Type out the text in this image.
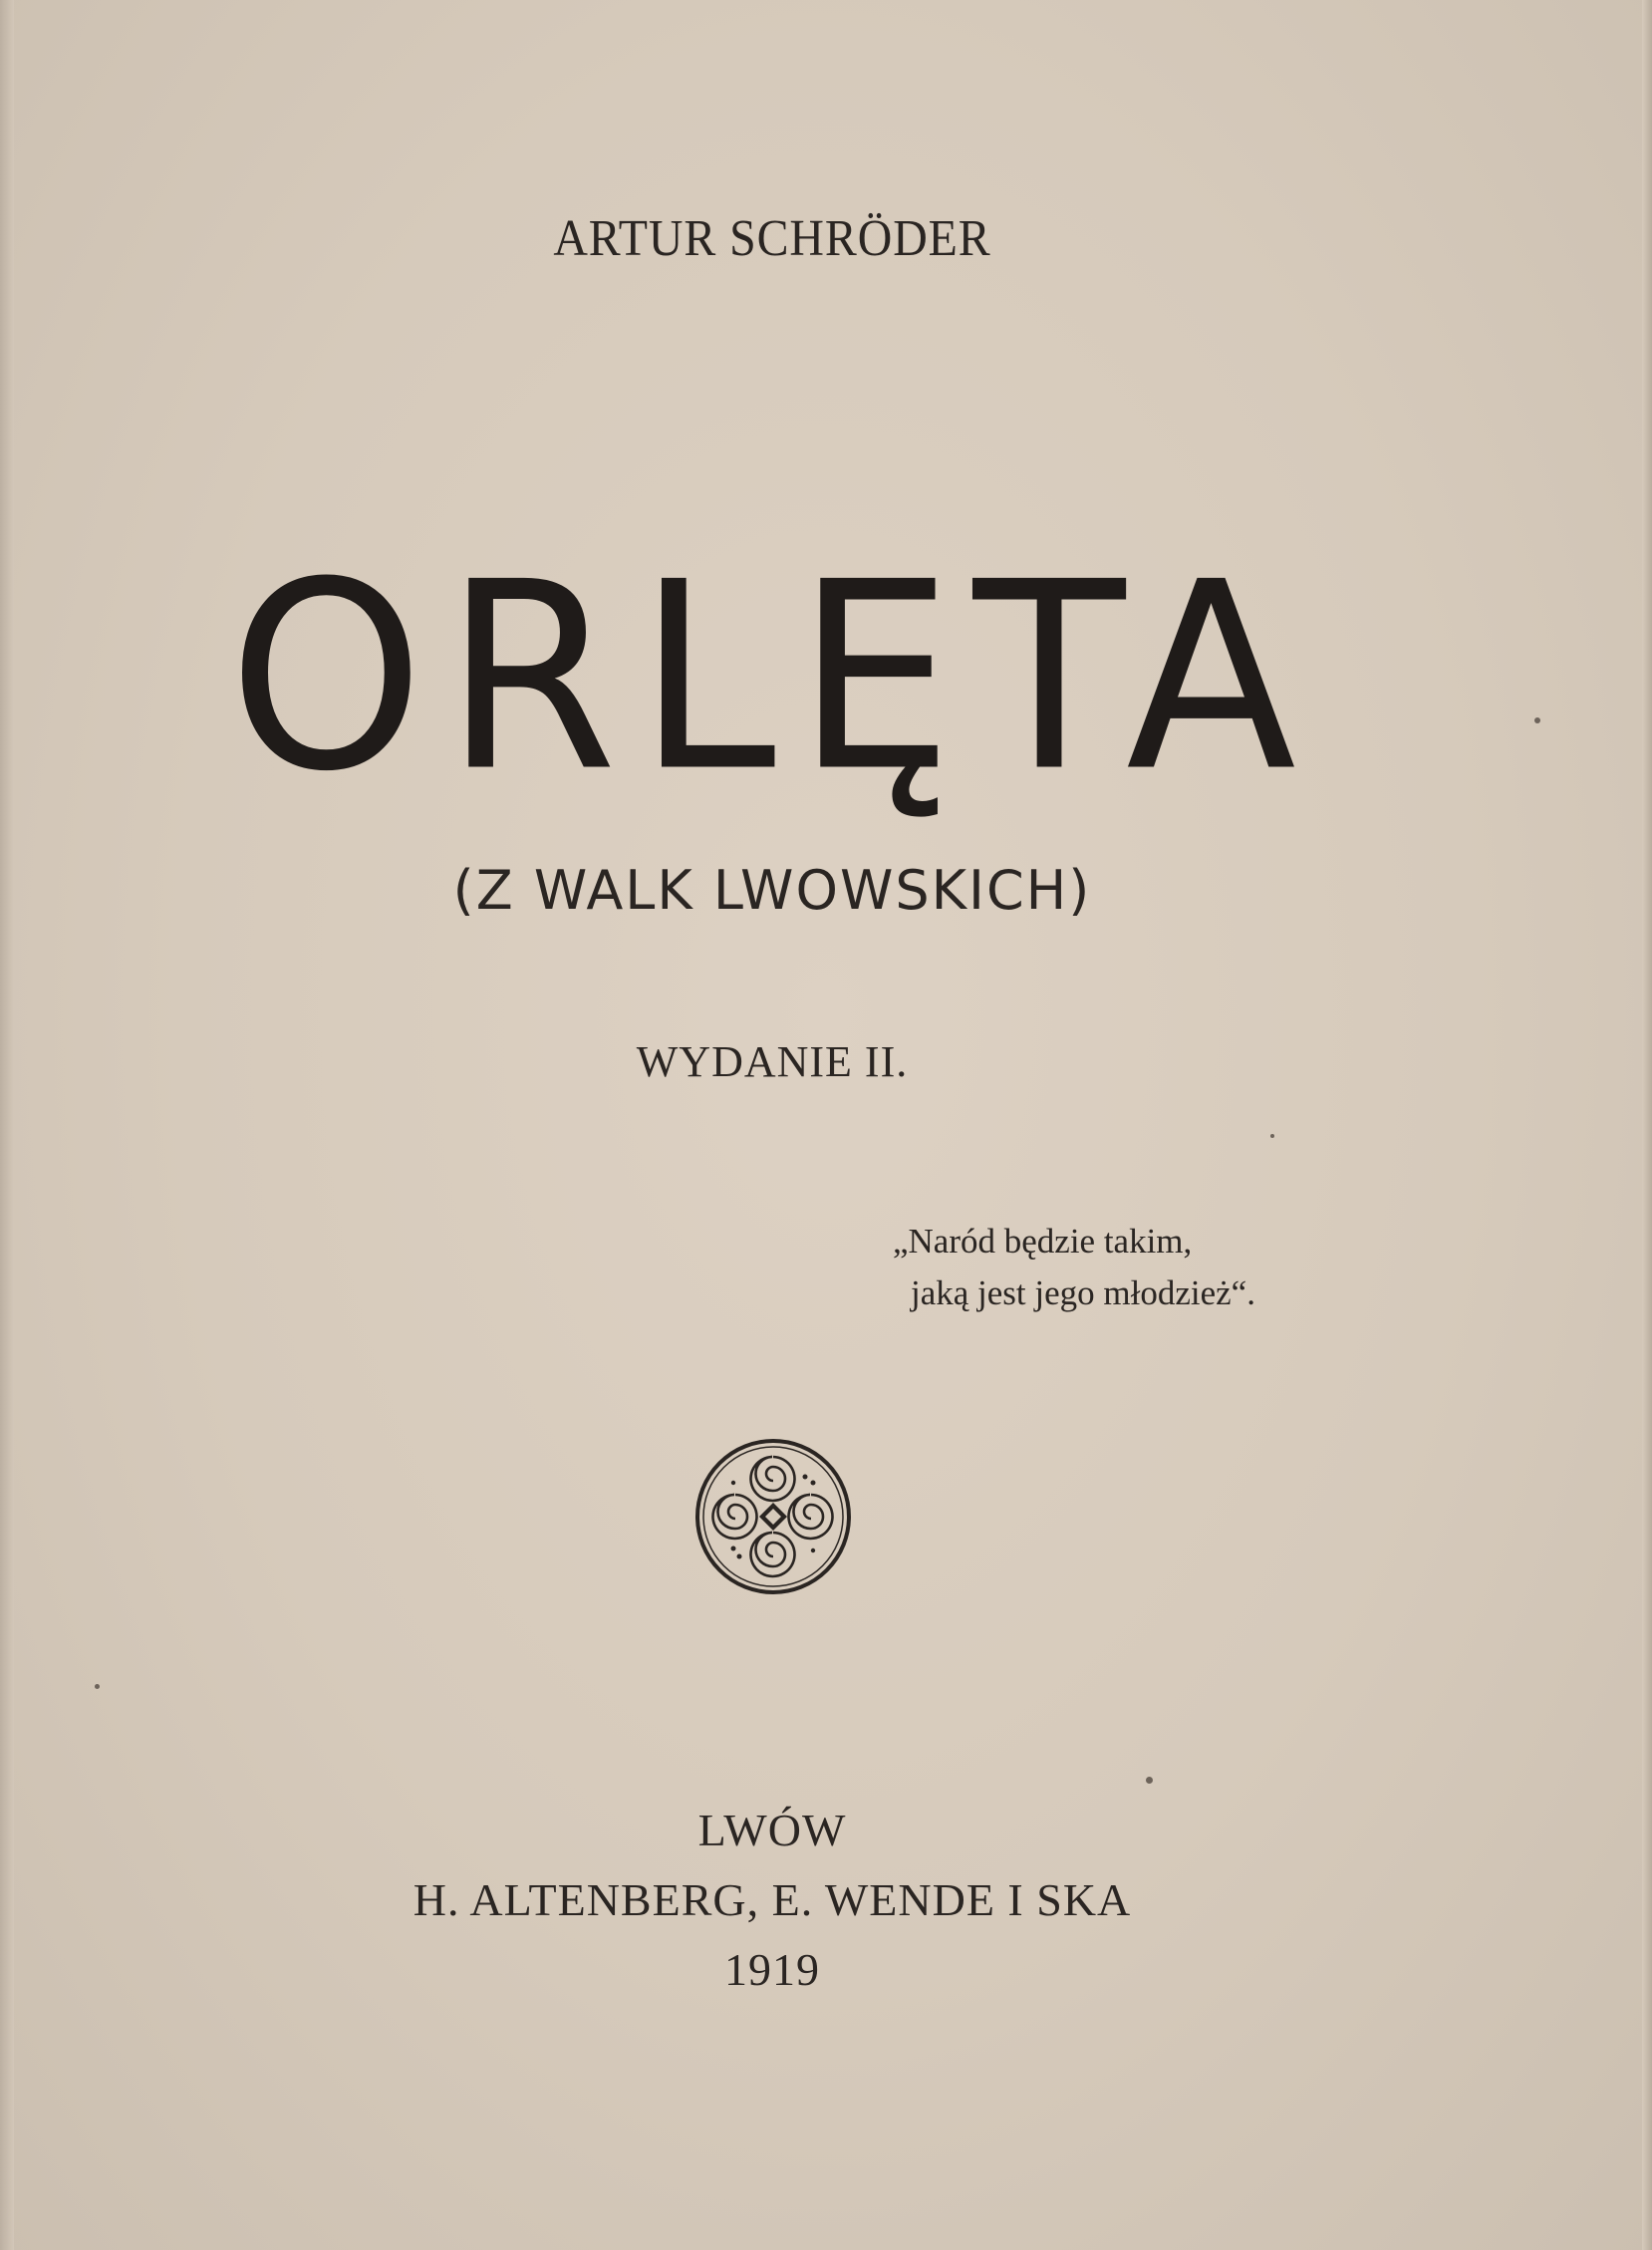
ARTUR SCHRÖDER
ORLĘTA
(Z WALK LWOWSKICH)
WYDANIE II.
„Naród będzie takim,
jaką jest jego młodzież“.
LWÓW
H. ALTENBERG, E. WENDE I SKA
1919
